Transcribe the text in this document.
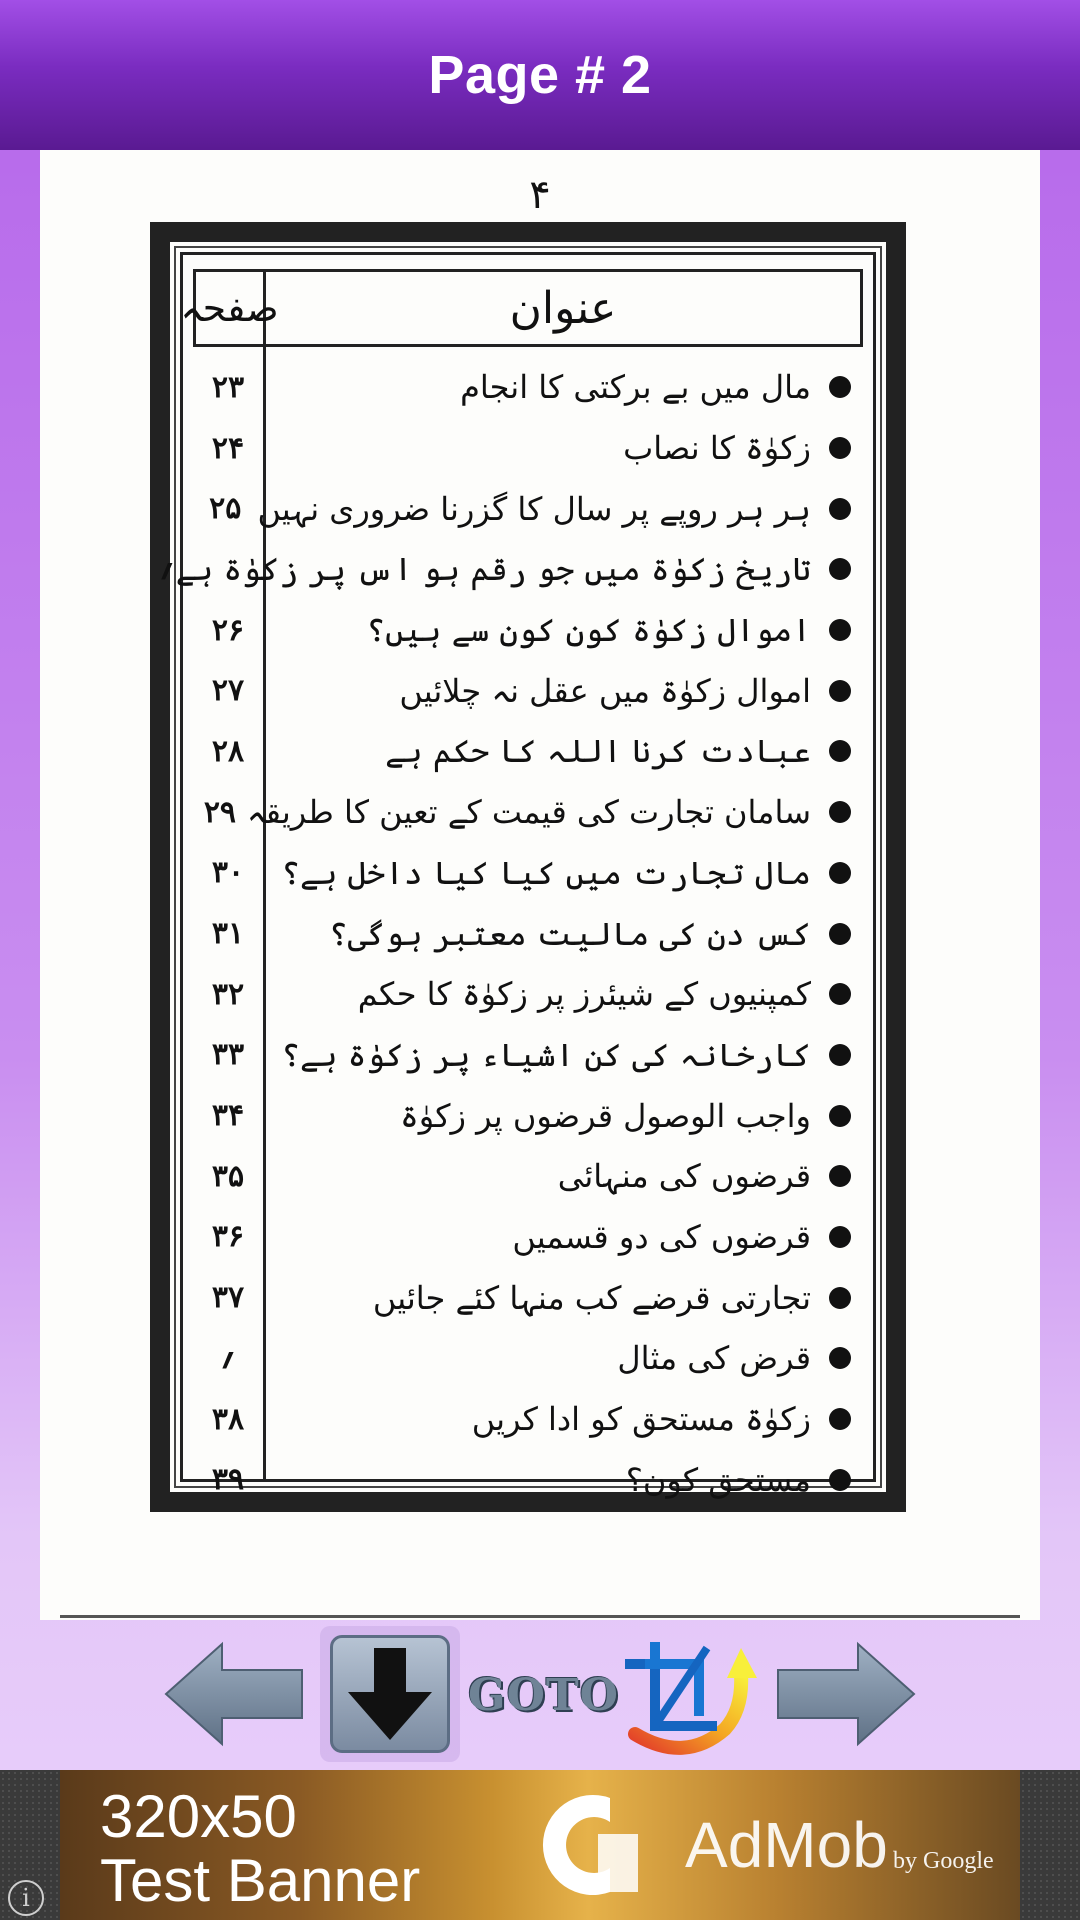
Page # 2
۴
عنوان
صفحہ
مال میں بے برکتی کا انجام
۲۳
زکوٰۃ کا نصاب
۲۴
ہر ہر روپے پر سال کا گزرنا ضروری نہیں
۲۵
تاریخ زکوٰۃ میں جو رقم ہو اس پر زکوٰۃ ہے
؍
اموال زکوٰۃ کون کون سے ہیں؟
۲۶
اموال زکوٰۃ میں عقل نہ چلائیں
۲۷
عبادت کرنا اللہ کا حکم ہے
۲۸
سامان تجارت کی قیمت کے تعین کا طریقہ
۲۹
مال تجارت میں کیا کیا داخل ہے؟
۳۰
کس دن کی مالیت معتبر ہوگی؟
۳۱
کمپنیوں کے شیئرز پر زکوٰۃ کا حکم
۳۲
کارخانہ کی کن اشیاء پر زکوٰۃ ہے؟
۳۳
واجب الوصول قرضوں پر زکوٰۃ
۳۴
قرضوں کی منہائی
۳۵
قرضوں کی دو قسمیں
۳۶
تجارتی قرضے کب منہا کئے جائیں
۳۷
قرض کی مثال
؍
زکوٰۃ مستحق کو ادا کریں
۳۸
مستحق کون؟
۳۹
GOTO
320x50
Test Banner	AdMob by Google
i
